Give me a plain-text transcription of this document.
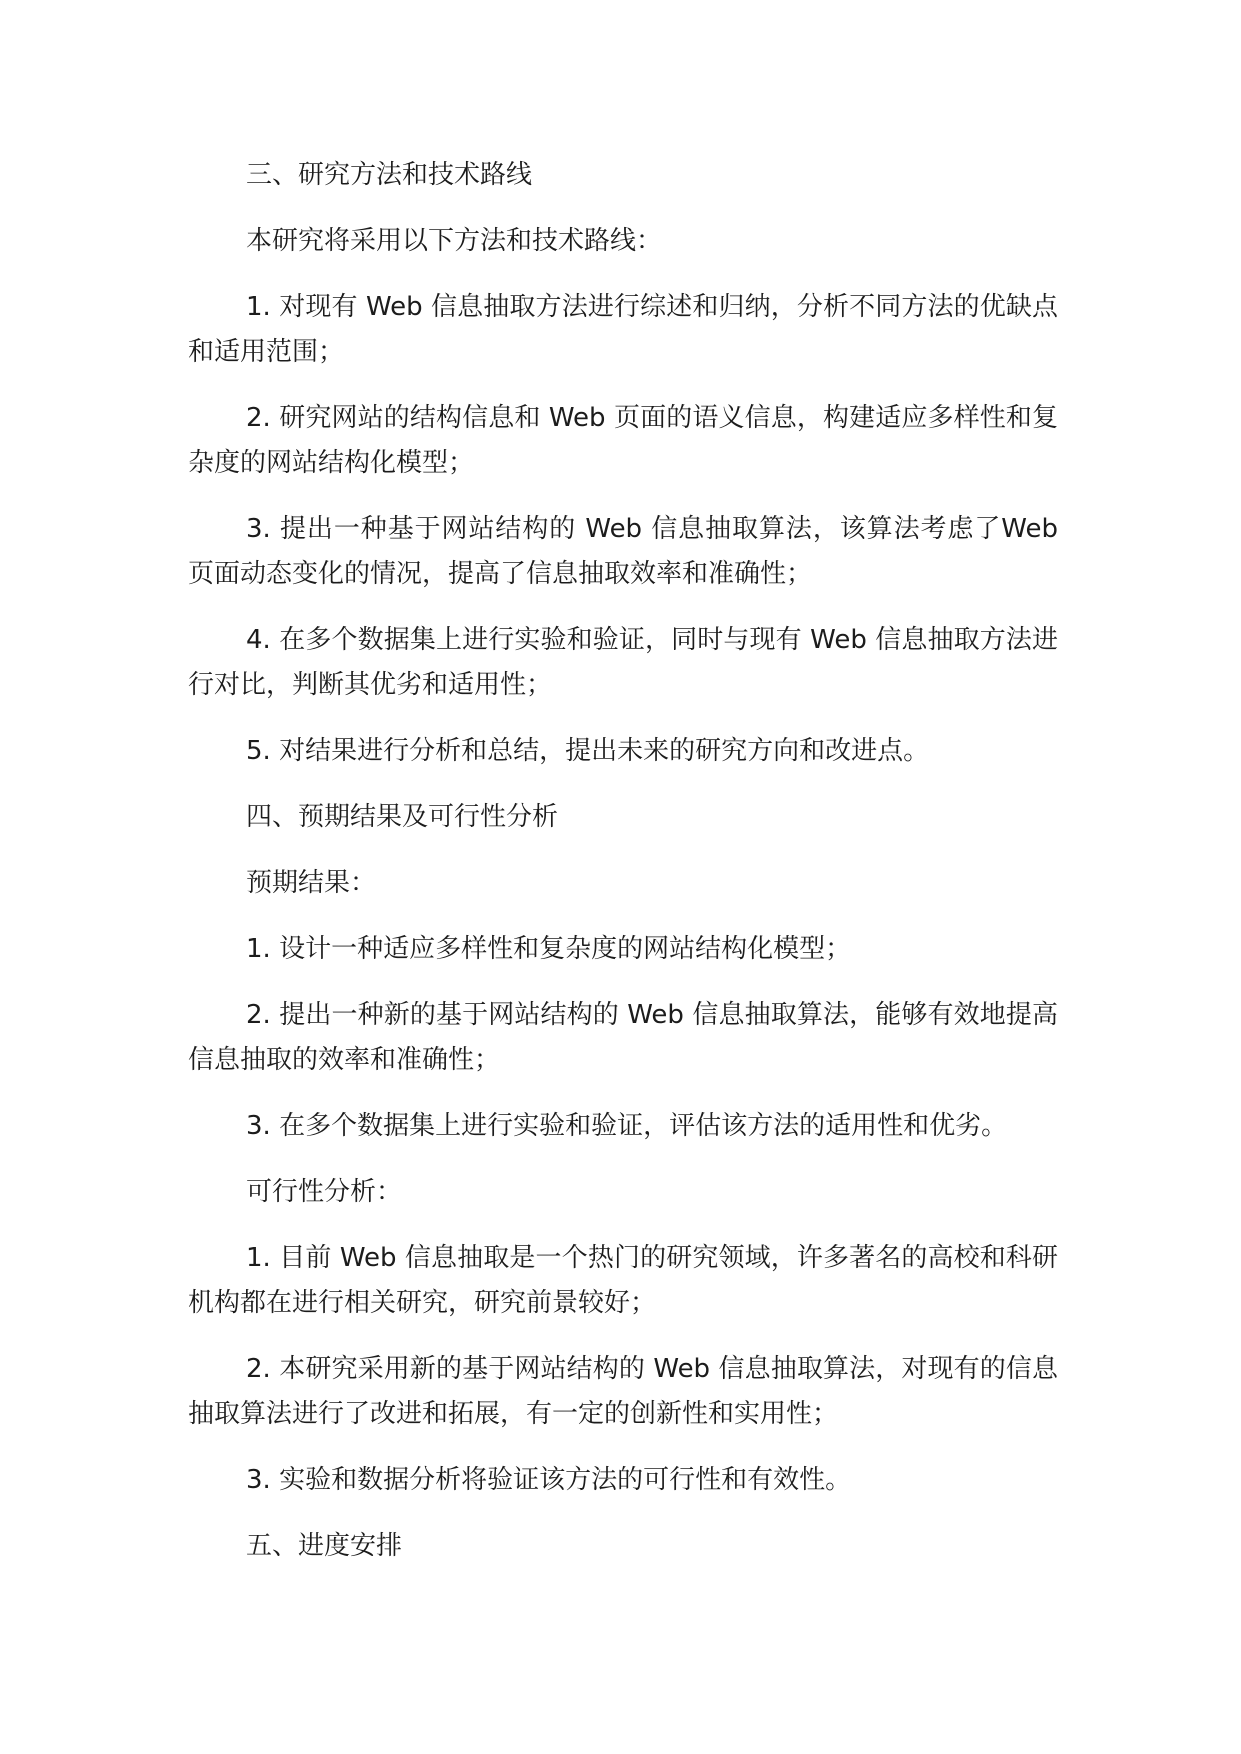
三、研究方法和技术路线

本研究将采用以下方法和技术路线：

1. 对现有 Web 信息抽取方法进行综述和归纳，分析不同方法的优缺点和适用范围；

2. 研究网站的结构信息和 Web 页面的语义信息，构建适应多样性和复杂度的网站结构化模型；

3. 提出一种基于网站结构的 Web 信息抽取算法，该算法考虑了Web 页面动态变化的情况，提高了信息抽取效率和准确性；

4. 在多个数据集上进行实验和验证，同时与现有 Web 信息抽取方法进行对比，判断其优劣和适用性；

5. 对结果进行分析和总结，提出未来的研究方向和改进点。

四、预期结果及可行性分析

预期结果：

1. 设计一种适应多样性和复杂度的网站结构化模型；

2. 提出一种新的基于网站结构的 Web 信息抽取算法，能够有效地提高信息抽取的效率和准确性；

3. 在多个数据集上进行实验和验证，评估该方法的适用性和优劣。

可行性分析：

1. 目前 Web 信息抽取是一个热门的研究领域，许多著名的高校和科研机构都在进行相关研究，研究前景较好；

2. 本研究采用新的基于网站结构的 Web 信息抽取算法，对现有的信息抽取算法进行了改进和拓展，有一定的创新性和实用性；

3. 实验和数据分析将验证该方法的可行性和有效性。

五、进度安排
